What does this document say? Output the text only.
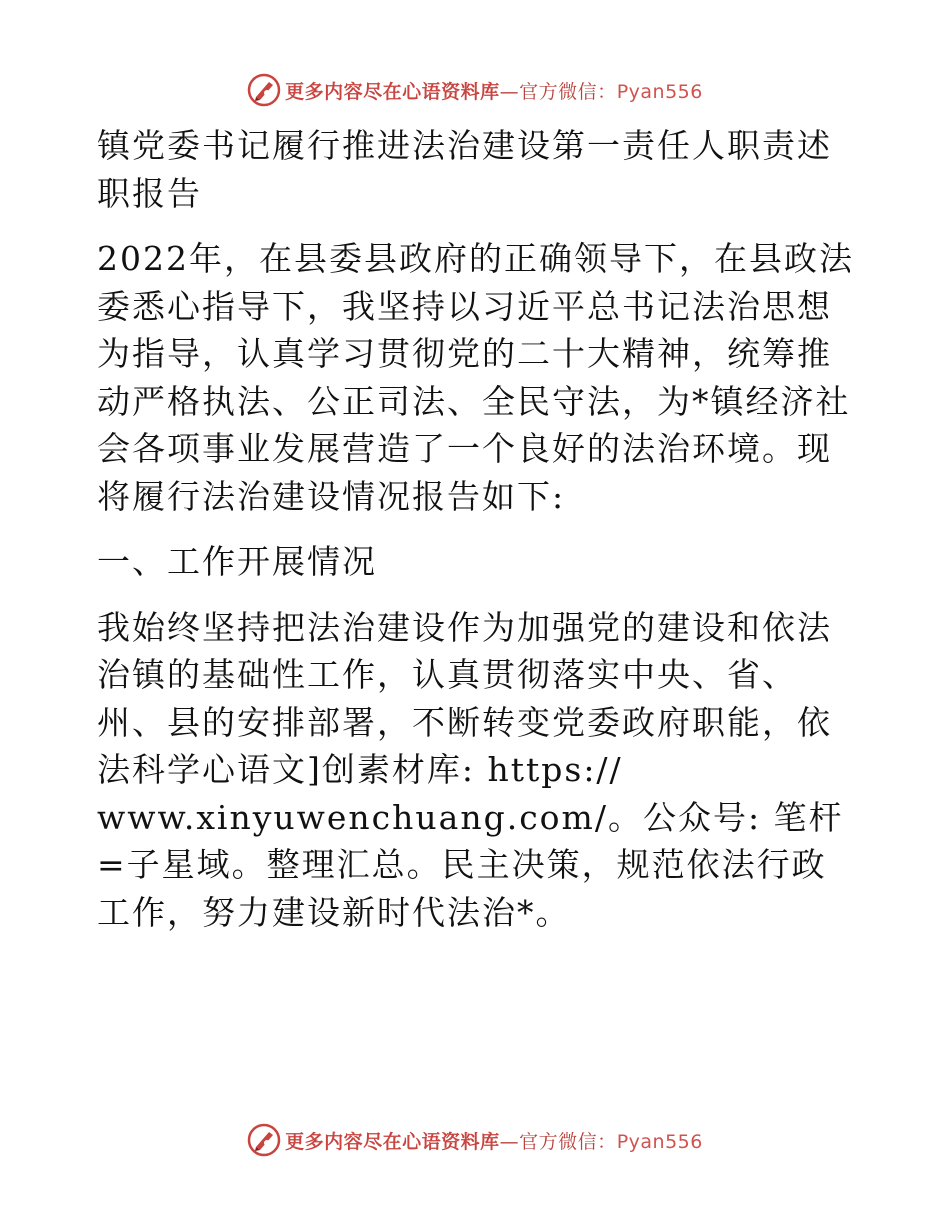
更多内容尽在心语资料库—官方微信：Pyan556

镇党委书记履行推进法治建设第一责任人职责述职报告

2022年，在县委县政府的正确领导下，在县政法委悉心指导下，我坚持以习近平总书记法治思想为指导，认真学习贯彻党的二十大精神，统筹推动严格执法、公正司法、全民守法，为*镇经济社会各项事业发展营造了一个良好的法治环境。现将履行法治建设情况报告如下:

一、工作开展情况

我始终坚持把法治建设作为加强党的建设和依法治镇的基础性工作，认真贯彻落实中央、省、州、县的安排部署，不断转变党委政府职能，依法科学心语文]创素材库: https://

www.xinyuwenchuang.com/。公众号: 笔杆=子星域。整理汇总。民主决策，规范依法行政工作，努力建设新时代法治*。

更多内容尽在心语资料库—官方微信：Pyan556
